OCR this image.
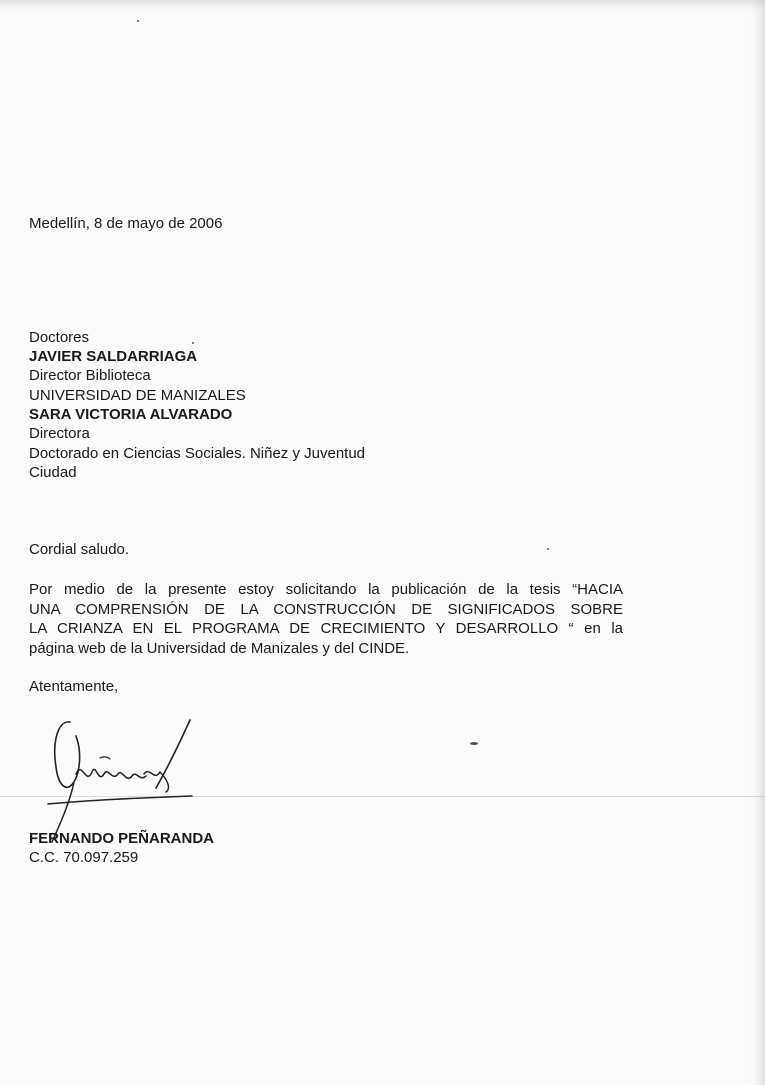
Medellín, 8 de mayo de 2006
Doctores
JAVIER SALDARRIAGA
Director Biblioteca
UNIVERSIDAD DE MANIZALES
SARA VICTORIA ALVARADO
Directora
Doctorado en Ciencias Sociales. Niñez y Juventud
Ciudad
Cordial saludo.
Por medio de la presente estoy solicitando la publicación de la tesis “HACIA
UNA COMPRENSIÓN DE LA CONSTRUCCIÓN DE SIGNIFICADOS SOBRE
LA CRIANZA EN EL PROGRAMA DE CRECIMIENTO Y DESARROLLO “ en la
página web de la Universidad de Manizales y del CINDE.
Atentamente,
FERNANDO PEÑARANDA
C.C. 70.097.259
